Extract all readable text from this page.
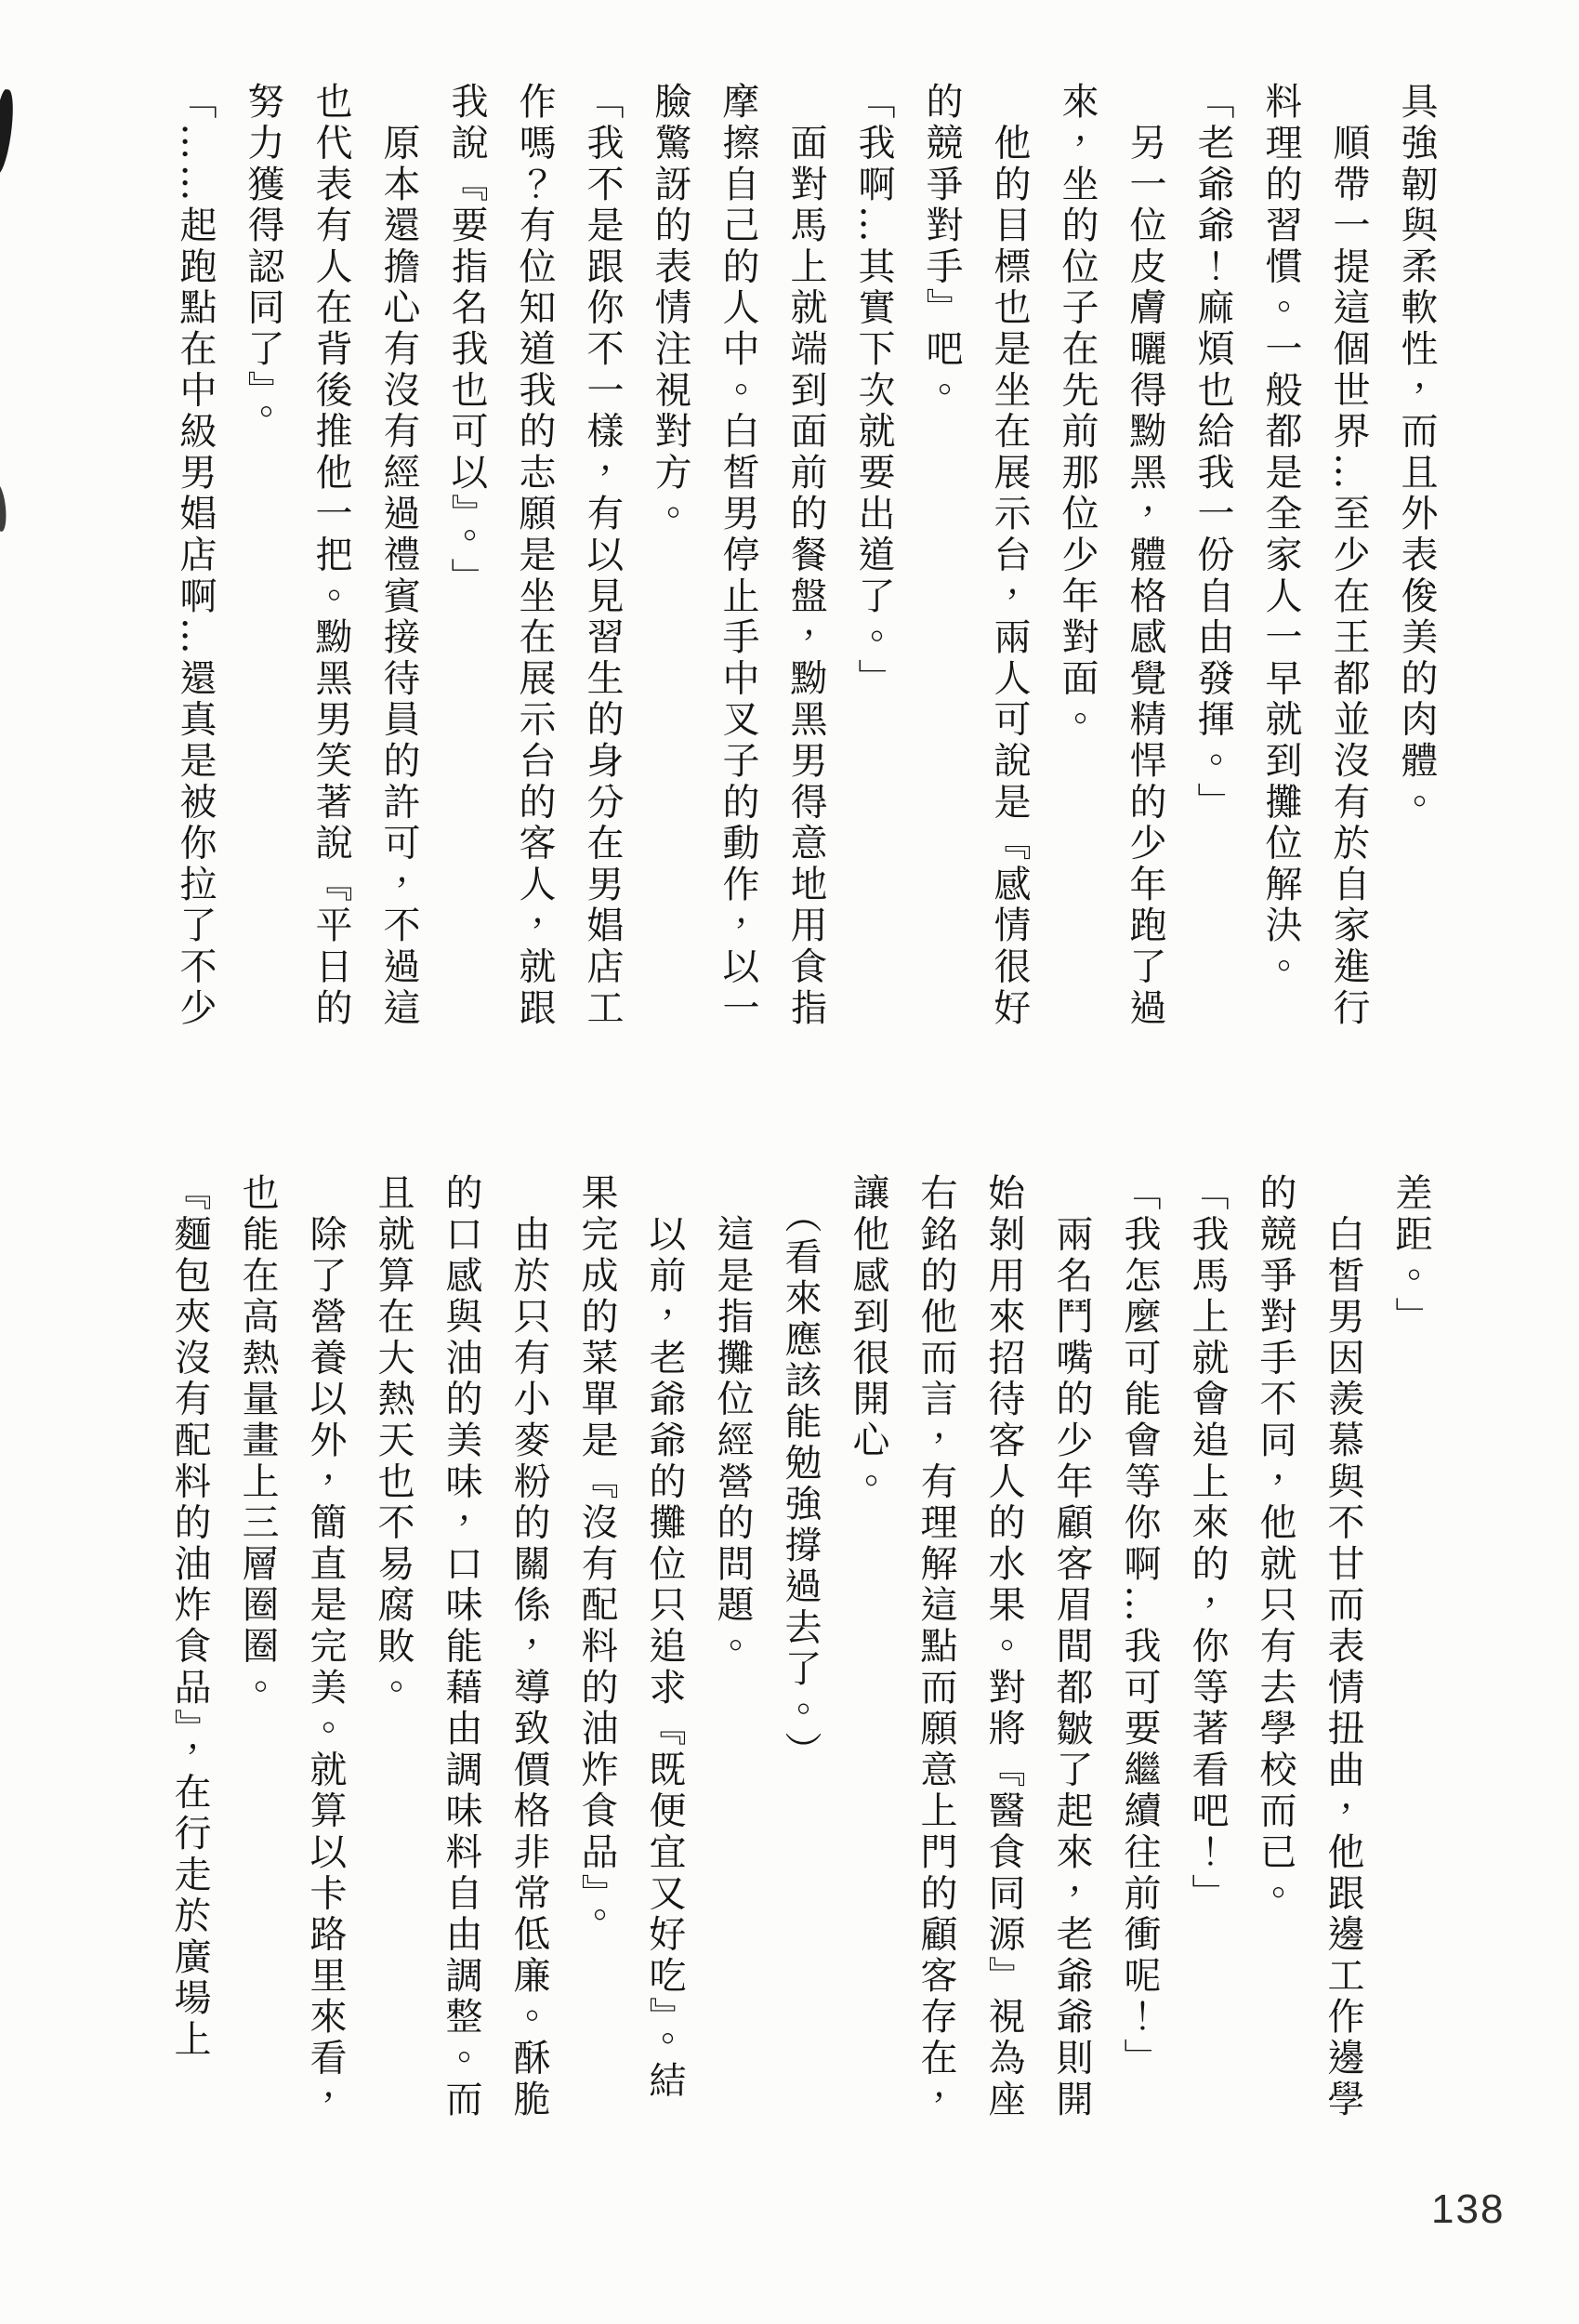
具強韌與柔軟性，而且外表俊美的肉體。

　順帶一提這個世界…至少在王都並沒有於自家進行

料理的習慣。一般都是全家人一早就到攤位解決。

「老爺爺！麻煩也給我一份自由發揮。」

　另一位皮膚曬得黝黑，體格感覺精悍的少年跑了過

來，坐的位子在先前那位少年對面。

　他的目標也是坐在展示台，兩人可說是『感情很好

的競爭對手』吧。

「我啊…其實下次就要出道了。」

　面對馬上就端到面前的餐盤，黝黑男得意地用食指

摩擦自己的人中。白皙男停止手中叉子的動作，以一

臉驚訝的表情注視對方。

「我不是跟你不一樣，有以見習生的身分在男娼店工

作嗎？有位知道我的志願是坐在展示台的客人，就跟

我說『要指名我也可以』。」

　原本還擔心有沒有經過禮賓接待員的許可，不過這

也代表有人在背後推他一把。黝黑男笑著說『平日的

努力獲得認同了』。

「……起跑點在中級男娼店啊…還真是被你拉了不少

差距。」

　白皙男因羨慕與不甘而表情扭曲，他跟邊工作邊學

的競爭對手不同，他就只有去學校而已。

「我馬上就會追上來的，你等著看吧！」

「我怎麼可能會等你啊…我可要繼續往前衝呢！」

　兩名鬥嘴的少年顧客眉間都皺了起來，老爺爺則開

始剝用來招待客人的水果。對將『醫食同源』視為座

右銘的他而言，有理解這點而願意上門的顧客存在，

讓他感到很開心。

　（看來應該能勉強撐過去了。）

　這是指攤位經營的問題。

　以前，老爺爺的攤位只追求『既便宜又好吃』。結

果完成的菜單是『沒有配料的油炸食品』。

　由於只有小麥粉的關係，導致價格非常低廉。酥脆

的口感與油的美味，口味能藉由調味料自由調整。而

且就算在大熱天也不易腐敗。

　除了營養以外，簡直是完美。就算以卡路里來看，

也能在高熱量畫上三層圈圈。

『麵包夾沒有配料的油炸食品』，在行走於廣場上

138
